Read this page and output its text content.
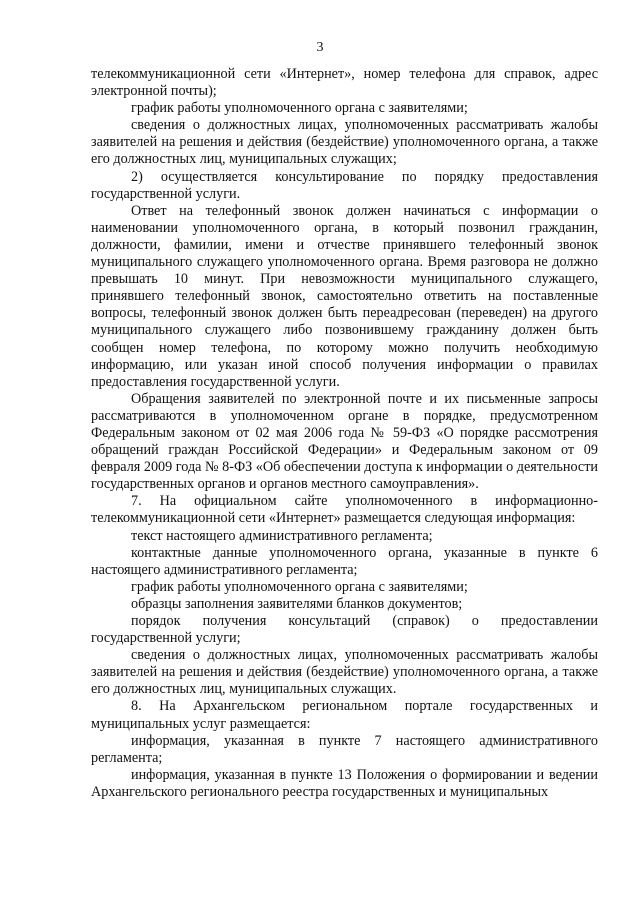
3

телекоммуникационной сети «Интернет», номер телефона для справок, адрес электронной почты);

график работы уполномоченного органа с заявителями;

сведения о должностных лицах, уполномоченных рассматривать жалобы заявителей на решения и действия (бездействие) уполномоченного органа, а также его должностных лиц, муниципальных служащих;

2) осуществляется консультирование по порядку предоставления государственной услуги.

Ответ на телефонный звонок должен начинаться с информации о наименовании уполномоченного органа, в который позвонил гражданин, должности, фамилии, имени и отчестве принявшего телефонный звонок муниципального служащего уполномоченного органа. Время разговора не должно превышать 10 минут. При невозможности муниципального служащего, принявшего телефонный звонок, самостоятельно ответить на поставленные вопросы, телефонный звонок должен быть переадресован (переведен) на другого муниципального служащего либо позвонившему гражданину должен быть сообщен номер телефона, по которому можно получить необходимую информацию, или указан иной способ получения информации о правилах предоставления государственной услуги.

Обращения заявителей по электронной почте и их письменные запросы рассматриваются в уполномоченном органе в порядке, предусмотренном Федеральным законом от 02 мая 2006 года № 59-ФЗ «О порядке рассмотрения обращений граждан Российской Федерации» и Федеральным законом от 09 февраля 2009 года № 8-ФЗ «Об обеспечении доступа к информации о деятельности государственных органов и органов местного самоуправления».

7. На официальном сайте уполномоченного в информационно-телекоммуникационной сети «Интернет» размещается следующая информация:

текст настоящего административного регламента;

контактные данные уполномоченного органа, указанные в пункте 6 настоящего административного регламента;

график работы уполномоченного органа с заявителями;

образцы заполнения заявителями бланков документов;

порядок получения консультаций (справок) о предоставлении государственной услуги;

сведения о должностных лицах, уполномоченных рассматривать жалобы заявителей на решения и действия (бездействие) уполномоченного органа, а также его должностных лиц, муниципальных служащих.

8. На Архангельском региональном портале государственных и муниципальных услуг размещается:

информация, указанная в пункте 7 настоящего административного регламента;

информация, указанная в пункте 13 Положения о формировании и ведении Архангельского регионального реестра государственных и муниципальных
